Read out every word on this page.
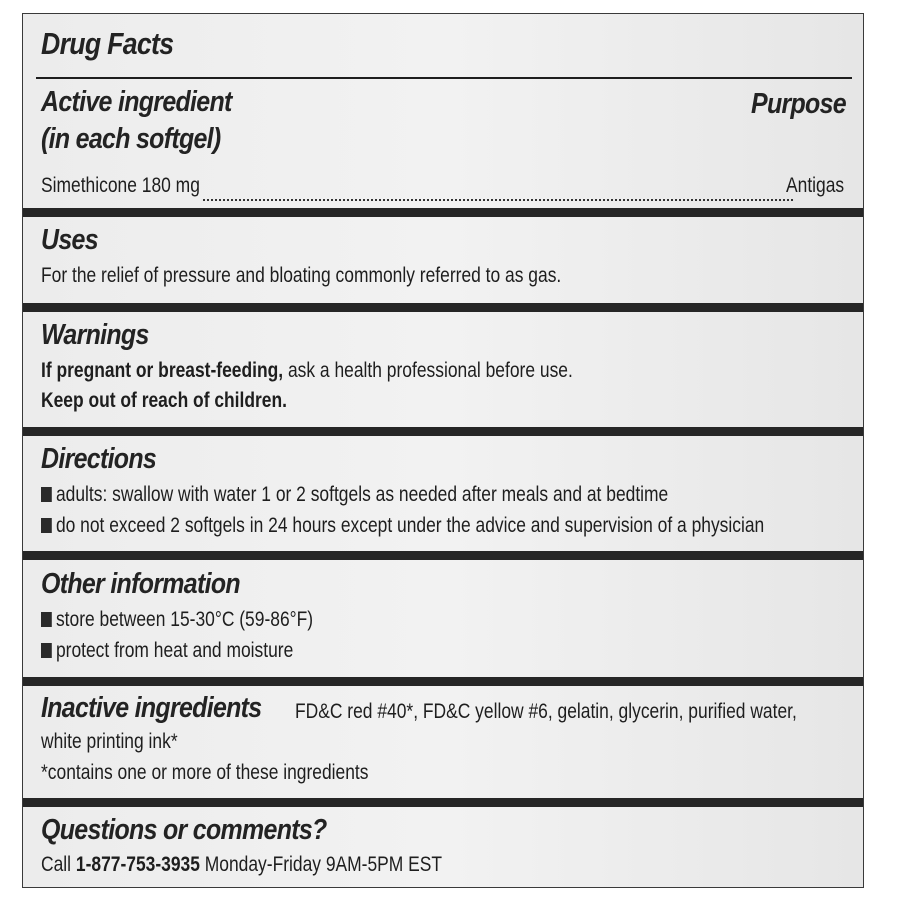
Drug Facts
Active ingredient
(in each softgel)
Purpose
Simethicone 180 mg	Antigas
Uses
For the relief of pressure and bloating commonly referred to as gas.
Warnings
If pregnant or breast-feeding, ask a health professional before use.
Keep out of reach of children.
Directions
adults: swallow with water 1 or 2 softgels as needed after meals and at bedtime
do not exceed 2 softgels in 24 hours except under the advice and supervision of a physician
Other information
store between 15-30°C (59-86°F)
protect from heat and moisture
Inactive ingredients FD&C red #40*, FD&C yellow #6, gelatin, glycerin, purified water,
white printing ink*
*contains one or more of these ingredients
Questions or comments?
Call 1-877-753-3935 Monday-Friday 9AM-5PM EST
